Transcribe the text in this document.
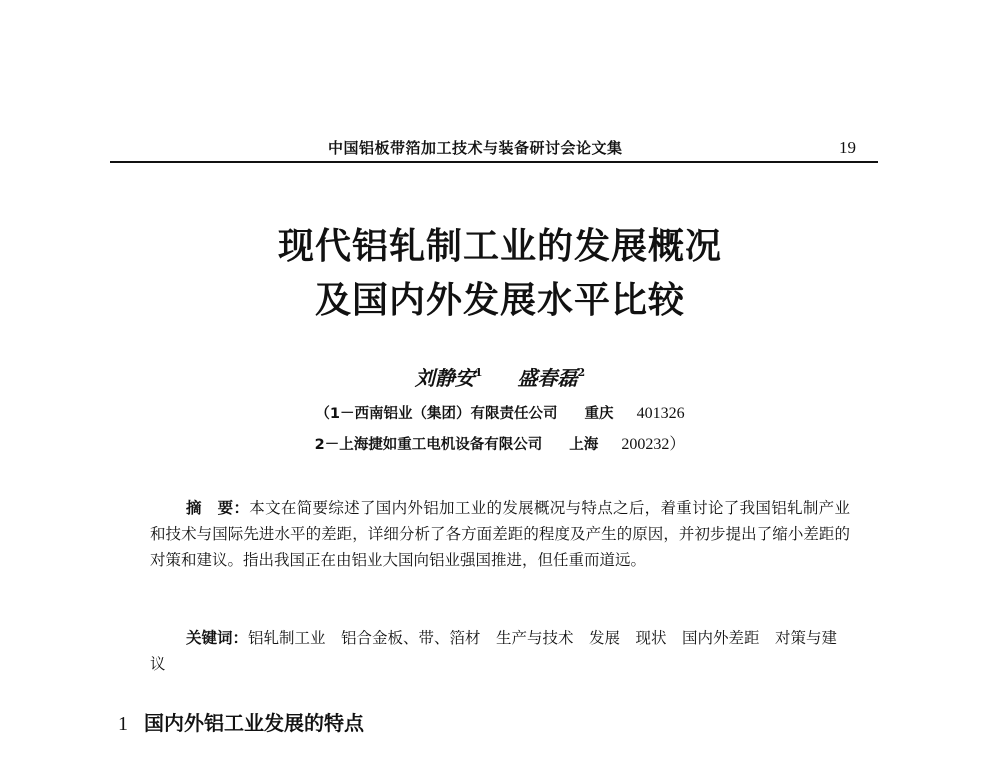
中国铝板带箔加工技术与装备研讨会论文集	19
现代铝轧制工业的发展概况
及国内外发展水平比较
刘静安$^1$ 盛春磊$^2$
（1－西南铝业（集团）有限责任公司 重庆 401326
2－上海捷如重工电机设备有限公司 上海 200232）
摘　要：本文在简要综述了国内外铝加工业的发展概况与特点之后，着重讨论了我国铝轧制产业和技术与国际先进水平的差距，详细分析了各方面差距的程度及产生的原因，并初步提出了缩小差距的对策和建议。指出我国正在由铝业大国向铝业强国推进，但任重而道远。
关键词：铝轧制工业　铝合金板、带、箔材　生产与技术　发展　现状　国内外差距　对策与建议
1 国内外铝工业发展的特点
